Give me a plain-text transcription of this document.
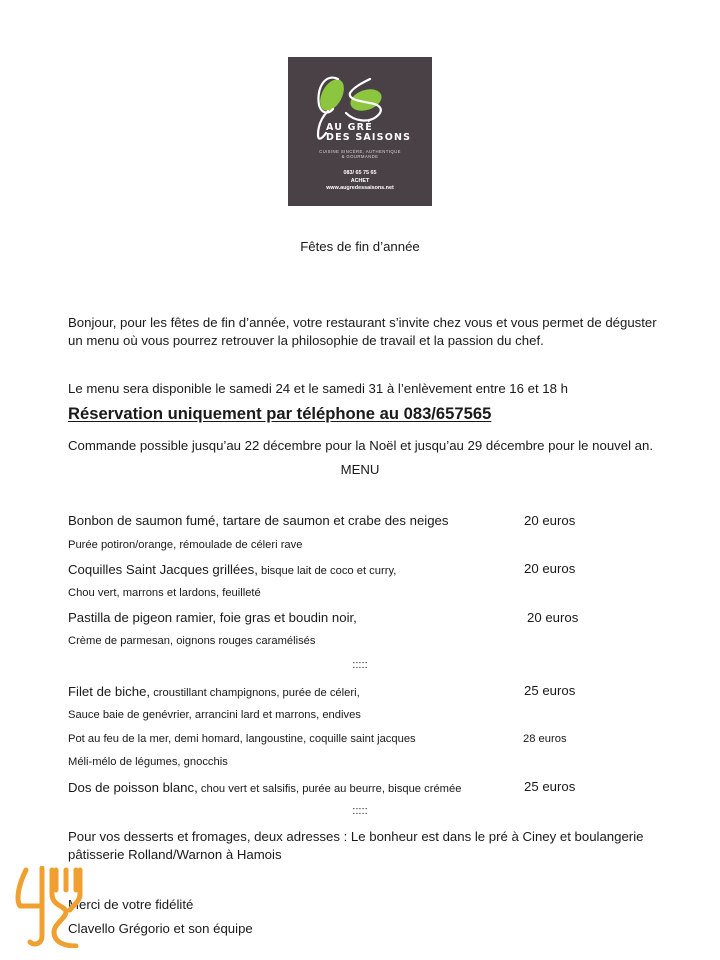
AU GRÉ
DES SAISONS
CUISINE SINCÈRE, AUTHENTIQUE
& GOURMANDE
083/ 65 75 65
ACHET
www.augredessaisons.net
Fêtes de fin d’année
Bonjour, pour les fêtes de fin d’année, votre restaurant s’invite chez vous et vous permet de déguster
un menu où vous pourrez retrouver la philosophie de travail et la passion du chef.
Le menu sera disponible le samedi 24 et le samedi 31 à l’enlèvement entre 16 et 18 h
Réservation uniquement par téléphone au 083/657565
Commande possible jusqu’au 22 décembre pour la Noël et jusqu’au 29 décembre pour le nouvel an.
MENU
Bonbon de saumon fumé, tartare de saumon et crabe des neiges	20 euros
Purée potiron/orange, rémoulade de céleri rave
Coquilles Saint Jacques grillées, bisque lait de coco et curry,	20 euros
Chou vert, marrons et lardons, feuilleté
Pastilla de pigeon ramier, foie gras et boudin noir,	20 euros
Crème de parmesan, oignons rouges caramélisés
:::::
Filet de biche, croustillant champignons, purée de céleri,	25 euros
Sauce baie de genévrier, arrancini lard et marrons, endives
Pot au feu de la mer, demi homard, langoustine, coquille saint jacques	28 euros
Méli-mélo de légumes, gnocchis
Dos de poisson blanc, chou vert et salsifis, purée au beurre, bisque crémée	25 euros
:::::
Pour vos desserts et fromages, deux adresses : Le bonheur est dans le pré à Ciney et boulangerie
pâtisserie Rolland/Warnon à Hamois
Merci de votre fidélité
Clavello Grégorio et son équipe
